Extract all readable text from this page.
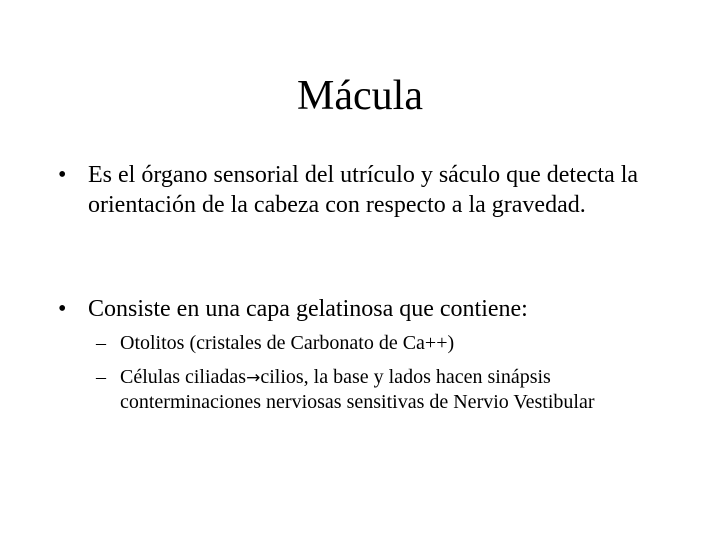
Mácula
• Es el órgano sensorial del utrículo y sáculo que detecta la orientación de la cabeza con respecto a la gravedad.
• Consiste en una capa gelatinosa que contiene:
– Otolitos (cristales de Carbonato de Ca++)
– Células ciliadas→cilios, la base y lados hacen sinápsis conterminaciones nerviosas sensitivas de Nervio Vestibular
